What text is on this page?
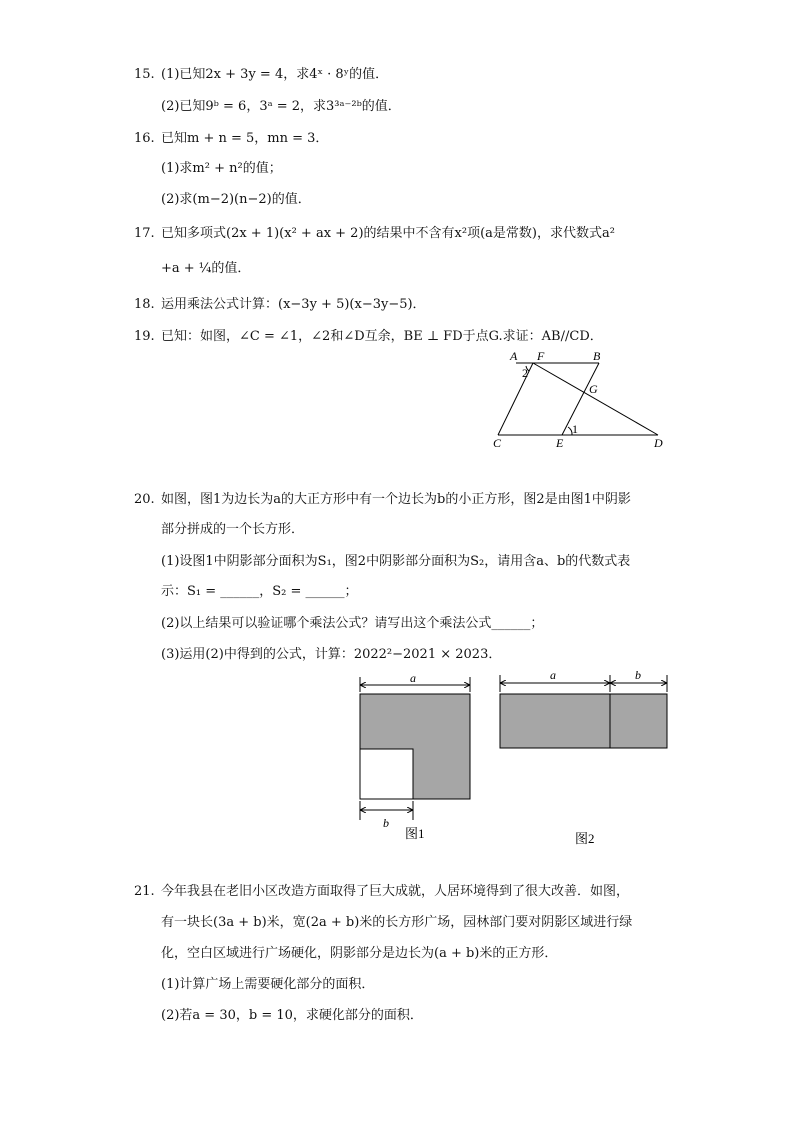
15. (1)已知2x + 3y = 4，求4ˣ · 8ʸ的值．
(2)已知9ᵇ = 6，3ᵃ = 2，求3³ᵃ⁻²ᵇ的值．
16. 已知m + n = 5，mn = 3．
(1)求m² + n²的值；
(2)求(m−2)(n−2)的值．
17. 已知多项式(2x + 1)(x² + ax + 2)的结果中不含有x²项(a是常数)，求代数式a²
+a + ¼的值．
18. 运用乘法公式计算：(x−3y + 5)(x−3y−5)．
19. 已知：如图，∠C = ∠1，∠2和∠D互余，BE ⊥ FD于点G.求证：AB//CD．
A F	B
2
G
1
C	E	D
20. 如图，图1为边长为a的大正方形中有一个边长为b的小正方形，图2是由图1中阴影
部分拼成的一个长方形．
(1)设图1中阴影部分面积为S₁，图2中阴影部分面积为S₂，请用含a、b的代数式表
示：S₁ = ______，S₂ = ______；
(2)以上结果可以验证哪个乘法公式？请写出这个乘法公式______；
(3)运用(2)中得到的公式，计算：2022²−2021 × 2023．
a
b
图1
a	b
图2
21. 今年我县在老旧小区改造方面取得了巨大成就，人居环境得到了很大改善．如图，
有一块长(3a + b)米，宽(2a + b)米的长方形广场，园林部门要对阴影区域进行绿
化，空白区域进行广场硬化，阴影部分是边长为(a + b)米的正方形．
(1)计算广场上需要硬化部分的面积．
(2)若a = 30，b = 10，求硬化部分的面积．
